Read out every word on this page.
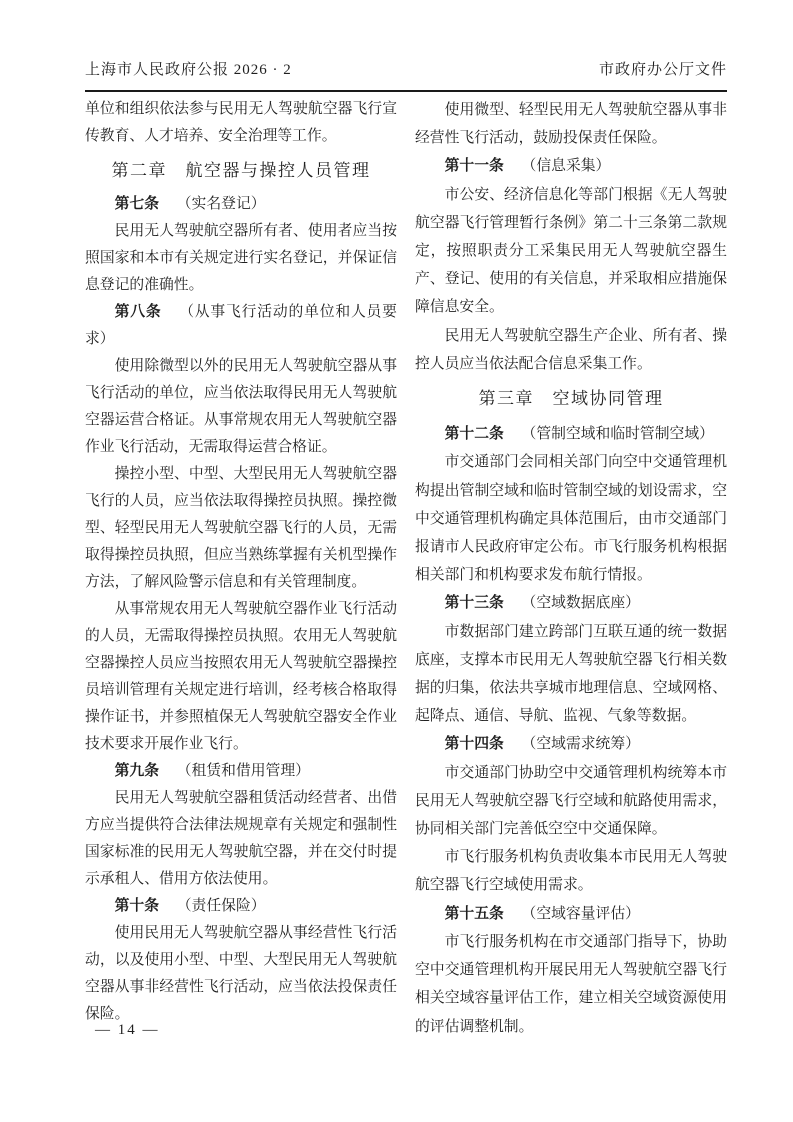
上海市人民政府公报 2026 · 2	市政府办公厅文件
单位和组织依法参与民用无人驾驶航空器飞行宣传教育、人才培养、安全治理等工作。
第二章　航空器与操控人员管理
第七条 （实名登记）
民用无人驾驶航空器所有者、使用者应当按照国家和本市有关规定进行实名登记，并保证信息登记的准确性。
第八条 （从事飞行活动的单位和人员要求）
使用除微型以外的民用无人驾驶航空器从事飞行活动的单位，应当依法取得民用无人驾驶航空器运营合格证。从事常规农用无人驾驶航空器作业飞行活动，无需取得运营合格证。
操控小型、中型、大型民用无人驾驶航空器飞行的人员，应当依法取得操控员执照。操控微型、轻型民用无人驾驶航空器飞行的人员，无需取得操控员执照，但应当熟练掌握有关机型操作方法，了解风险警示信息和有关管理制度。
从事常规农用无人驾驶航空器作业飞行活动的人员，无需取得操控员执照。农用无人驾驶航空器操控人员应当按照农用无人驾驶航空器操控员培训管理有关规定进行培训，经考核合格取得操作证书，并参照植保无人驾驶航空器安全作业技术要求开展作业飞行。
第九条 （租赁和借用管理）
民用无人驾驶航空器租赁活动经营者、出借方应当提供符合法律法规规章有关规定和强制性国家标准的民用无人驾驶航空器，并在交付时提示承租人、借用方依法使用。
第十条 （责任保险）
使用民用无人驾驶航空器从事经营性飞行活动，以及使用小型、中型、大型民用无人驾驶航空器从事非经营性飞行活动，应当依法投保责任保险。
使用微型、轻型民用无人驾驶航空器从事非经营性飞行活动，鼓励投保责任保险。
第十一条 （信息采集）
市公安、经济信息化等部门根据《无人驾驶航空器飞行管理暂行条例》第二十三条第二款规定，按照职责分工采集民用无人驾驶航空器生产、登记、使用的有关信息，并采取相应措施保障信息安全。
民用无人驾驶航空器生产企业、所有者、操控人员应当依法配合信息采集工作。
第三章　空域协同管理
第十二条 （管制空域和临时管制空域）
市交通部门会同相关部门向空中交通管理机构提出管制空域和临时管制空域的划设需求，空中交通管理机构确定具体范围后，由市交通部门报请市人民政府审定公布。市飞行服务机构根据相关部门和机构要求发布航行情报。
第十三条 （空域数据底座）
市数据部门建立跨部门互联互通的统一数据底座，支撑本市民用无人驾驶航空器飞行相关数据的归集，依法共享城市地理信息、空域网格、起降点、通信、导航、监视、气象等数据。
第十四条 （空域需求统筹）
市交通部门协助空中交通管理机构统筹本市民用无人驾驶航空器飞行空域和航路使用需求，协同相关部门完善低空空中交通保障。
市飞行服务机构负责收集本市民用无人驾驶航空器飞行空域使用需求。
第十五条 （空域容量评估）
市飞行服务机构在市交通部门指导下，协助空中交通管理机构开展民用无人驾驶航空器飞行相关空域容量评估工作，建立相关空域资源使用的评估调整机制。
— 14 —
